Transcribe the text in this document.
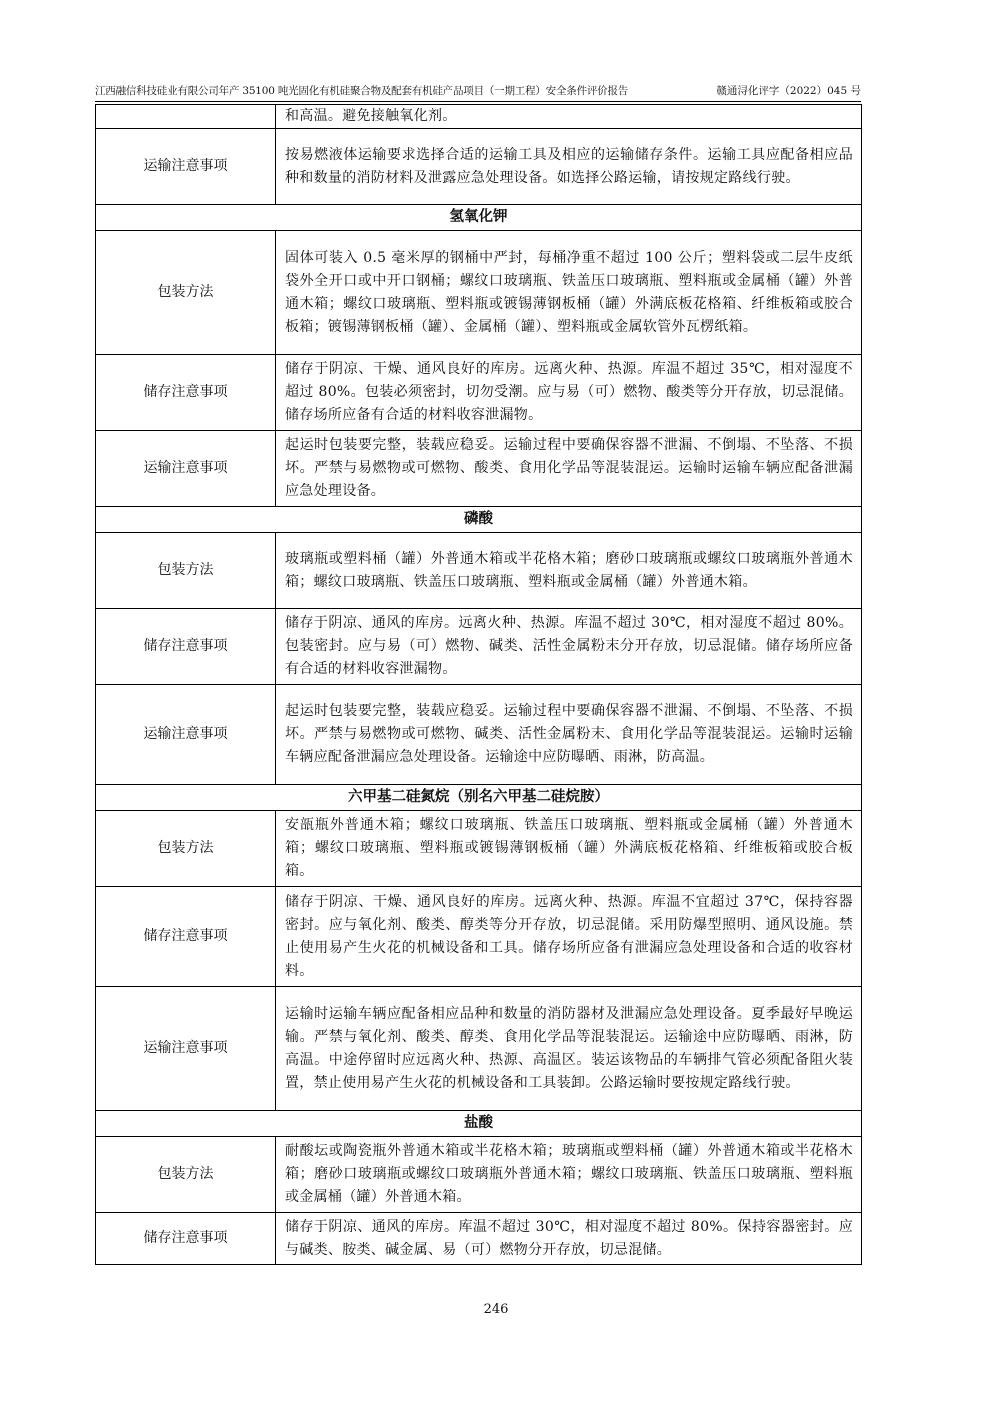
江西融信科技硅业有限公司年产 35100 吨光固化有机硅聚合物及配套有机硅产品项目（一期工程）安全条件评价报告	赣通浔化评字（2022）045 号
	和高温。避免接触氧化剂。
运输注意事项	按易燃液体运输要求选择合适的运输工具及相应的运输储存条件。运输工具应配备相应品种和数量的消防材料及泄露应急处理设备。如选择公路运输，请按规定路线行驶。
氢氧化钾	
包装方法	固体可装入 0.5 毫米厚的钢桶中严封，每桶净重不超过 100 公斤；塑料袋或二层牛皮纸袋外全开口或中开口钢桶；螺纹口玻璃瓶、铁盖压口玻璃瓶、塑料瓶或金属桶（罐）外普通木箱；螺纹口玻璃瓶、塑料瓶或镀锡薄钢板桶（罐）外满底板花格箱、纤维板箱或胶合板箱；镀锡薄钢板桶（罐）、金属桶（罐）、塑料瓶或金属软管外瓦楞纸箱。
储存注意事项	储存于阴凉、干燥、通风良好的库房。远离火种、热源。库温不超过 35℃，相对湿度不超过 80%。包装必须密封，切勿受潮。应与易（可）燃物、酸类等分开存放，切忌混储。储存场所应备有合适的材料收容泄漏物。
运输注意事项	起运时包装要完整，装载应稳妥。运输过程中要确保容器不泄漏、不倒塌、不坠落、不损坏。严禁与易燃物或可燃物、酸类、食用化学品等混装混运。运输时运输车辆应配备泄漏应急处理设备。
磷酸	
包装方法	玻璃瓶或塑料桶（罐）外普通木箱或半花格木箱；磨砂口玻璃瓶或螺纹口玻璃瓶外普通木箱；螺纹口玻璃瓶、铁盖压口玻璃瓶、塑料瓶或金属桶（罐）外普通木箱。
储存注意事项	储存于阴凉、通风的库房。远离火种、热源。库温不超过 30℃，相对湿度不超过 80%。包装密封。应与易（可）燃物、碱类、活性金属粉末分开存放，切忌混储。储存场所应备有合适的材料收容泄漏物。
运输注意事项	起运时包装要完整，装载应稳妥。运输过程中要确保容器不泄漏、不倒塌、不坠落、不损坏。严禁与易燃物或可燃物、碱类、活性金属粉末、食用化学品等混装混运。运输时运输车辆应配备泄漏应急处理设备。运输途中应防曝晒、雨淋，防高温。
六甲基二硅氮烷（别名六甲基二硅烷胺）	
包装方法	安瓿瓶外普通木箱；螺纹口玻璃瓶、铁盖压口玻璃瓶、塑料瓶或金属桶（罐）外普通木箱；螺纹口玻璃瓶、塑料瓶或镀锡薄钢板桶（罐）外满底板花格箱、纤维板箱或胶合板箱。
储存注意事项	储存于阴凉、干燥、通风良好的库房。远离火种、热源。库温不宜超过 37℃，保持容器密封。应与氧化剂、酸类、醇类等分开存放，切忌混储。采用防爆型照明、通风设施。禁止使用易产生火花的机械设备和工具。储存场所应备有泄漏应急处理设备和合适的收容材料。
运输注意事项	运输时运输车辆应配备相应品种和数量的消防器材及泄漏应急处理设备。夏季最好早晚运输。严禁与氧化剂、酸类、醇类、食用化学品等混装混运。运输途中应防曝晒、雨淋，防高温。中途停留时应远离火种、热源、高温区。装运该物品的车辆排气管必须配备阻火装置，禁止使用易产生火花的机械设备和工具装卸。公路运输时要按规定路线行驶。
盐酸	
包装方法	耐酸坛或陶瓷瓶外普通木箱或半花格木箱；玻璃瓶或塑料桶（罐）外普通木箱或半花格木箱；磨砂口玻璃瓶或螺纹口玻璃瓶外普通木箱；螺纹口玻璃瓶、铁盖压口玻璃瓶、塑料瓶或金属桶（罐）外普通木箱。
储存注意事项	储存于阴凉、通风的库房。库温不超过 30℃，相对湿度不超过 80%。保持容器密封。应与碱类、胺类、碱金属、易（可）燃物分开存放，切忌混储。
246
